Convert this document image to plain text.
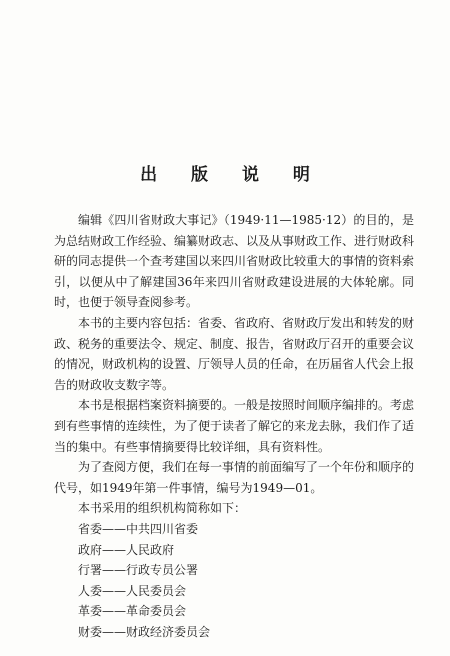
出 版 说 明

编辑《四川省财政大事记》（1949·11—1985·12）的目的，是为总结财政工作经验、编纂财政志、以及从事财政工作、进行财政科研的同志提供一个查考建国以来四川省财政比较重大的事情的资料索引，以便从中了解建国36年来四川省财政建设进展的大体轮廓。同时，也便于领导查阅参考。

本书的主要内容包括：省委、省政府、省财政厅发出和转发的财政、税务的重要法令、规定、制度、报告，省财政厅召开的重要会议的情况，财政机构的设置、厅领导人员的任命，在历届省人代会上报告的财政收支数字等。

本书是根据档案资料摘要的。一般是按照时间顺序编排的。考虑到有些事情的连续性，为了便于读者了解它的来龙去脉，我们作了适当的集中。有些事情摘要得比较详细，具有资料性。

为了查阅方便，我们在每一事情的前面编写了一个年份和顺序的代号，如1949年第一件事情，编号为1949—01。

本书采用的组织机构简称如下：

省委——中共四川省委
政府——人民政府
行署——行政专员公署
人委——人民委员会
革委——革命委员会
财委——财政经济委员会
